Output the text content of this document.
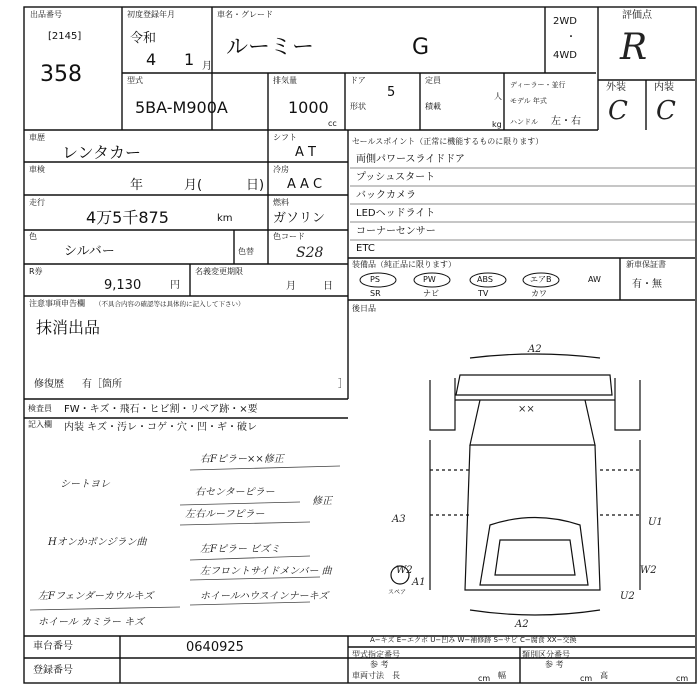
出品番号
[2145]
358
初度登録年月
令和
4 1 月
車名・グレード
ルーミー	G
2WD
・
4WD
評価点
R
外装	内装
C C
型式
5BA-M900A
排気量
1000
cc
ドア
5
形状
定員
人
積載
kg
ディーラー・並行
モデル 年式
ハンドル 左・右
車歴
レンタカー
シフト
A T
車検
年	月(	日)
冷房
A A C
走行
4万5千875	km
燃料
ガソリン
色
シルバー	色替
色コード
S28
R券
9,130	円
名義変更期限
月	日
注意事項申告欄 （不具合内容の確認等は具体的に記入して下さい）
抹消出品
修復歴 有［箇所	］
セールスポイント（正常に機能するものに限ります）
両側パワースライドドア
プッシュスタート
バックカメラ
LEDヘッドライト
コーナーセンサー
ETC
装備品（純正品に限ります）	新車保証書
PS	PW	ABS	エアB	AW
SR	ナビ	TV	カワ
有・無
後日品
検査員
記入欄
FW・キズ・飛石・ヒビ割・リペア跡・×要
内装 キズ・汚レ・コゲ・穴・凹・ギ・破レ
右Fピラー××修正
シートヨレ
右センターピラー
修正
左右ルーフピラー
Hオンかポンジラン曲
左Fピラー ビズミ
左フロントサイドメンバー 曲
左Fフェンダーカウルキズ	ホイールハウスインナーキズ
ホイール カミラー キズ
A2
××
A3	U1
W2
A1
U2
W2
A2
スペア
A−キズ E−エクボ U−凹み W−補修跡 S−サビ C−腐食 XX−交換
車台番号	0640925
登録番号
型式指定番号	類別区分番号
参 考	参 考
車両寸法 長	cm 幅	cm 高	cm
